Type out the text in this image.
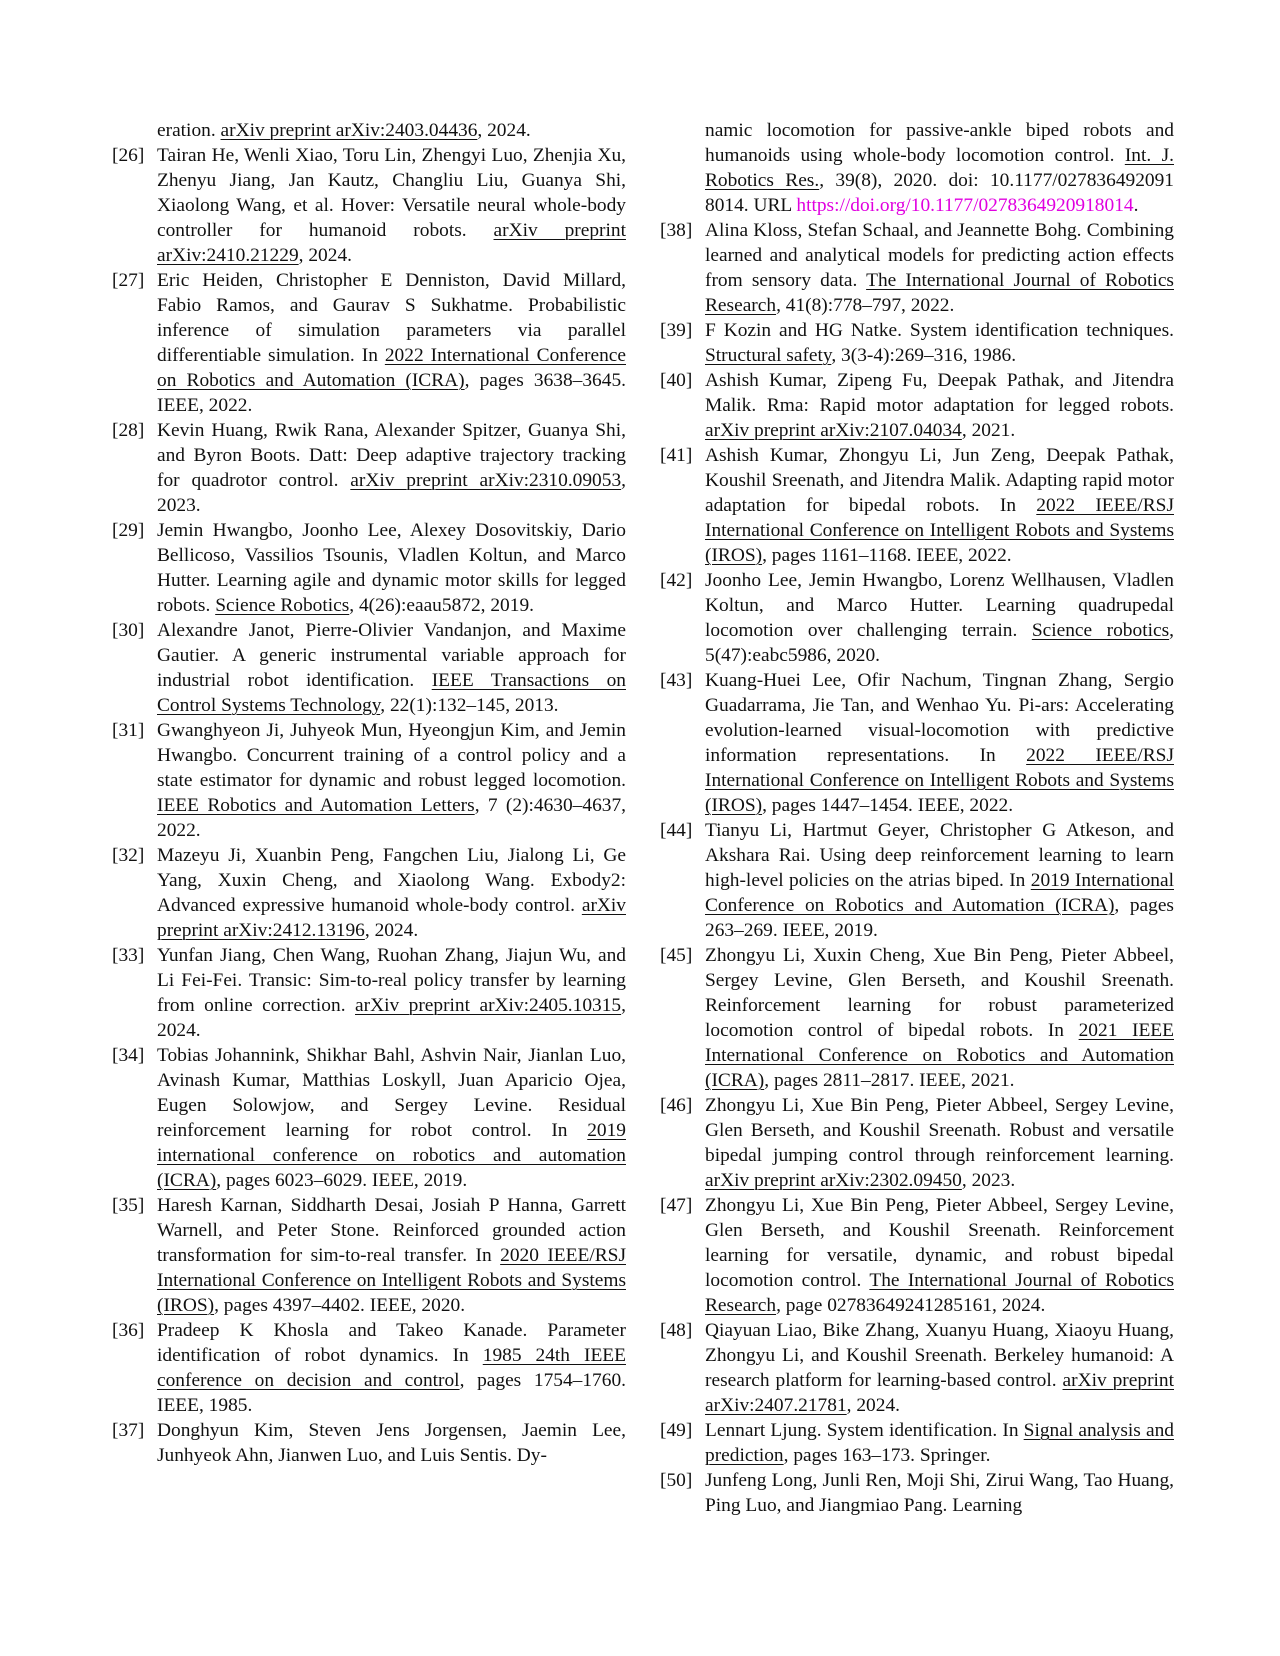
eration. arXiv preprint arXiv:2403.04436, 2024.

[26] Tairan He, Wenli Xiao, Toru Lin, Zhengyi Luo, Zhenjia Xu, Zhenyu Jiang, Jan Kautz, Changliu Liu, Guanya Shi, Xiaolong Wang, et al. Hover: Versatile neural whole-body controller for humanoid robots. arXiv preprint arXiv:2410.21229, 2024.

[27] Eric Heiden, Christopher E Denniston, David Millard, Fabio Ramos, and Gaurav S Sukhatme. Probabilistic inference of simulation parameters via parallel differentiable simulation. In 2022 International Conference on Robotics and Automation (ICRA), pages 3638–3645. IEEE, 2022.

[28] Kevin Huang, Rwik Rana, Alexander Spitzer, Guanya Shi, and Byron Boots. Datt: Deep adaptive trajectory tracking for quadrotor control. arXiv preprint arXiv:2310.09053, 2023.

[29] Jemin Hwangbo, Joonho Lee, Alexey Dosovitskiy, Dario Bellicoso, Vassilios Tsounis, Vladlen Koltun, and Marco Hutter. Learning agile and dynamic motor skills for legged robots. Science Robotics, 4(26):eaau5872, 2019.

[30] Alexandre Janot, Pierre-Olivier Vandanjon, and Maxime Gautier. A generic instrumental variable approach for industrial robot identification. IEEE Transactions on Control Systems Technology, 22(1):132–145, 2013.

[31] Gwanghyeon Ji, Juhyeok Mun, Hyeongjun Kim, and Jemin Hwangbo. Concurrent training of a control policy and a state estimator for dynamic and robust legged locomotion. IEEE Robotics and Automation Letters, 7 (2):4630–4637, 2022.

[32] Mazeyu Ji, Xuanbin Peng, Fangchen Liu, Jialong Li, Ge Yang, Xuxin Cheng, and Xiaolong Wang. Exbody2: Advanced expressive humanoid whole-body control. arXiv preprint arXiv:2412.13196, 2024.

[33] Yunfan Jiang, Chen Wang, Ruohan Zhang, Jiajun Wu, and Li Fei-Fei. Transic: Sim-to-real policy transfer by learning from online correction. arXiv preprint arXiv:2405.10315, 2024.

[34] Tobias Johannink, Shikhar Bahl, Ashvin Nair, Jianlan Luo, Avinash Kumar, Matthias Loskyll, Juan Aparicio Ojea, Eugen Solowjow, and Sergey Levine. Residual reinforcement learning for robot control. In 2019 international conference on robotics and automation (ICRA), pages 6023–6029. IEEE, 2019.

[35] Haresh Karnan, Siddharth Desai, Josiah P Hanna, Garrett Warnell, and Peter Stone. Reinforced grounded action transformation for sim-to-real transfer. In 2020 IEEE/RSJ International Conference on Intelligent Robots and Systems (IROS), pages 4397–4402. IEEE, 2020.

[36] Pradeep K Khosla and Takeo Kanade. Parameter identification of robot dynamics. In 1985 24th IEEE conference on decision and control, pages 1754–1760. IEEE, 1985.

[37] Donghyun Kim, Steven Jens Jorgensen, Jaemin Lee, Junhyeok Ahn, Jianwen Luo, and Luis Sentis. Dy-

namic locomotion for passive-ankle biped robots and humanoids using whole-body locomotion control. Int. J. Robotics Res., 39(8), 2020. doi: 10.1177/027836492091 8014. URL https://doi.org/10.1177/0278364920918014.

[38] Alina Kloss, Stefan Schaal, and Jeannette Bohg. Combining learned and analytical models for predicting action effects from sensory data. The International Journal of Robotics Research, 41(8):778–797, 2022.

[39] F Kozin and HG Natke. System identification techniques. Structural safety, 3(3-4):269–316, 1986.

[40] Ashish Kumar, Zipeng Fu, Deepak Pathak, and Jitendra Malik. Rma: Rapid motor adaptation for legged robots. arXiv preprint arXiv:2107.04034, 2021.

[41] Ashish Kumar, Zhongyu Li, Jun Zeng, Deepak Pathak, Koushil Sreenath, and Jitendra Malik. Adapting rapid motor adaptation for bipedal robots. In 2022 IEEE/RSJ International Conference on Intelligent Robots and Systems (IROS), pages 1161–1168. IEEE, 2022.

[42] Joonho Lee, Jemin Hwangbo, Lorenz Wellhausen, Vladlen Koltun, and Marco Hutter. Learning quadrupedal locomotion over challenging terrain. Science robotics, 5(47):eabc5986, 2020.

[43] Kuang-Huei Lee, Ofir Nachum, Tingnan Zhang, Sergio Guadarrama, Jie Tan, and Wenhao Yu. Pi-ars: Accelerating evolution-learned visual-locomotion with predictive information representations. In 2022 IEEE/RSJ International Conference on Intelligent Robots and Systems (IROS), pages 1447–1454. IEEE, 2022.

[44] Tianyu Li, Hartmut Geyer, Christopher G Atkeson, and Akshara Rai. Using deep reinforcement learning to learn high-level policies on the atrias biped. In 2019 International Conference on Robotics and Automation (ICRA), pages 263–269. IEEE, 2019.

[45] Zhongyu Li, Xuxin Cheng, Xue Bin Peng, Pieter Abbeel, Sergey Levine, Glen Berseth, and Koushil Sreenath. Reinforcement learning for robust parameterized locomotion control of bipedal robots. In 2021 IEEE International Conference on Robotics and Automation (ICRA), pages 2811–2817. IEEE, 2021.

[46] Zhongyu Li, Xue Bin Peng, Pieter Abbeel, Sergey Levine, Glen Berseth, and Koushil Sreenath. Robust and versatile bipedal jumping control through reinforcement learning. arXiv preprint arXiv:2302.09450, 2023.

[47] Zhongyu Li, Xue Bin Peng, Pieter Abbeel, Sergey Levine, Glen Berseth, and Koushil Sreenath. Reinforcement learning for versatile, dynamic, and robust bipedal locomotion control. The International Journal of Robotics Research, page 02783649241285161, 2024.

[48] Qiayuan Liao, Bike Zhang, Xuanyu Huang, Xiaoyu Huang, Zhongyu Li, and Koushil Sreenath. Berkeley humanoid: A research platform for learning-based control. arXiv preprint arXiv:2407.21781, 2024.

[49] Lennart Ljung. System identification. In Signal analysis and prediction, pages 163–173. Springer.

[50] Junfeng Long, Junli Ren, Moji Shi, Zirui Wang, Tao Huang, Ping Luo, and Jiangmiao Pang. Learning
